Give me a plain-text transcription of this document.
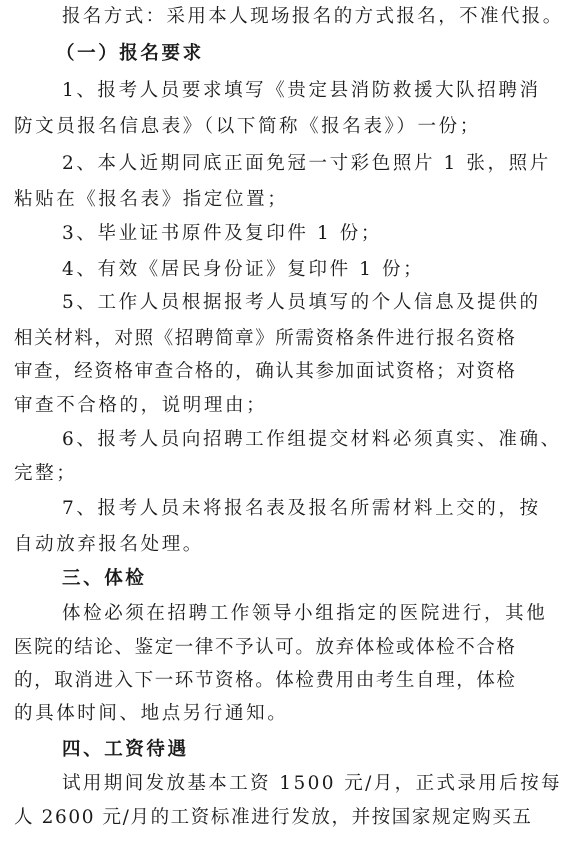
报名方式：采用本人现场报名的方式报名，不准代报。
（一）报名要求
1、报考人员要求填写《贵定县消防救援大队招聘消
防文员报名信息表》（以下简称《报名表》）一份；
2、本人近期同底正面免冠一寸彩色照片 1 张，照片
粘贴在《报名表》指定位置；
3、毕业证书原件及复印件 1 份；
4、有效《居民身份证》复印件 1 份；
5、工作人员根据报考人员填写的个人信息及提供的
相关材料，对照《招聘简章》所需资格条件进行报名资格
审查，经资格审查合格的，确认其参加面试资格；对资格
审查不合格的，说明理由；
6、报考人员向招聘工作组提交材料必须真实、准确、
完整；
7、报考人员未将报名表及报名所需材料上交的，按
自动放弃报名处理。
三、体检
体检必须在招聘工作领导小组指定的医院进行，其他
医院的结论、鉴定一律不予认可。放弃体检或体检不合格
的，取消进入下一环节资格。体检费用由考生自理，体检
的具体时间、地点另行通知。
四、工资待遇
试用期间发放基本工资 1500 元/月，正式录用后按每
人 2600 元/月的工资标准进行发放，并按国家规定购买五
